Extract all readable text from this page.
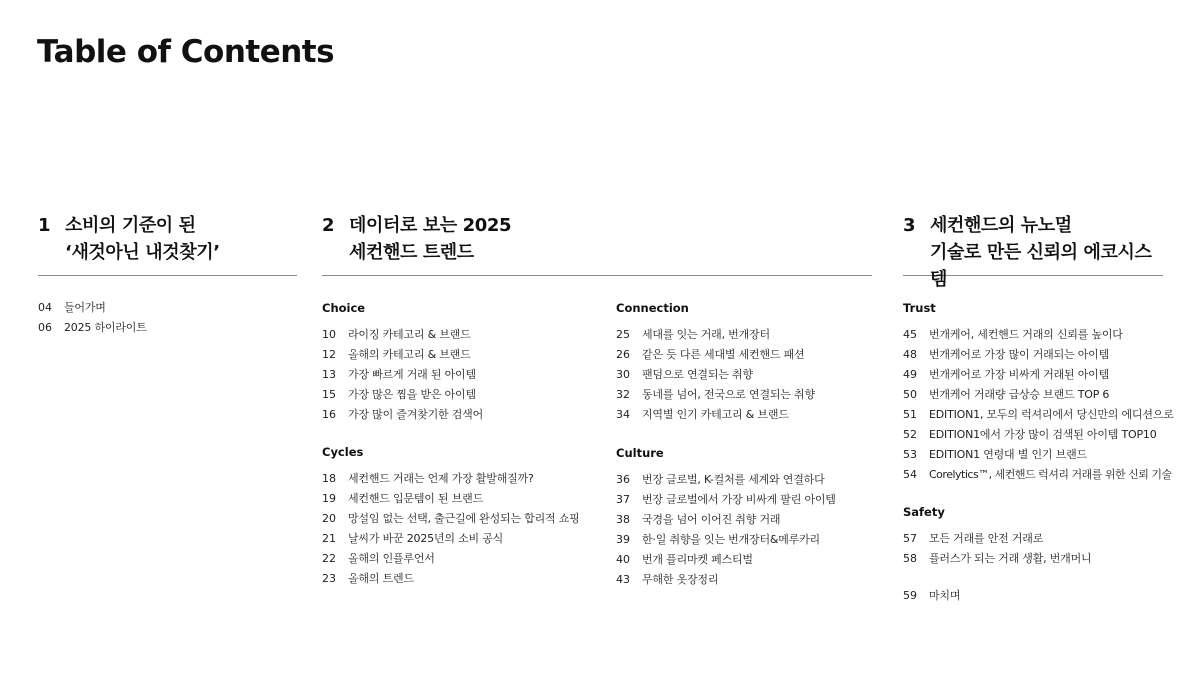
Table of Contents
1 소비의 기준이 된
‘새것아닌 내것찾기’
04	들어가며
06	2025 하이라이트
2 데이터로 보는 2025
세컨핸드 트렌드
Choice
10	라이징 카테고리 & 브랜드
12	올해의 카테고리 & 브랜드
13	가장 빠르게 거래 된 아이템
15	가장 많은 찜을 받은 아이템
16	가장 많이 즐겨찾기한 검색어
Cycles
18	세컨핸드 거래는 언제 가장 활발해질까?
19	세컨핸드 입문템이 된 브랜드
20	망설임 없는 선택, 출근길에 완성되는 합리적 쇼핑
21	날씨가 바꾼 2025년의 소비 공식
22	올해의 인플루언서
23	올해의 트렌드
Connection
25	세대를 잇는 거래, 번개장터
26	같은 듯 다른 세대별 세컨핸드 패션
30	팬덤으로 연결되는 취향
32	동네를 넘어, 전국으로 연결되는 취향
34	지역별 인기 카테고리 & 브랜드
Culture
36	번장 글로벌, K-컬처를 세계와 연결하다
37	번장 글로벌에서 가장 비싸게 팔린 아이템
38	국경을 넘어 이어진 취향 거래
39	한·일 취향을 잇는 번개장터&메루카리
40	번개 플리마켓 페스티벌
43	무해한 옷장정리
3 세컨핸드의 뉴노멀
기술로 만든 신뢰의 에코시스템
Trust
45	번개케어, 세컨핸드 거래의 신뢰를 높이다
48	번개케어로 가장 많이 거래되는 아이템
49	번개케어로 가장 비싸게 거래된 아이템
50	번개케어 거래량 급상승 브랜드 TOP 6
51	EDITION1, 모두의 럭셔리에서 당신만의 에디션으로
52	EDITION1에서 가장 많이 검색된 아이템 TOP10
53	EDITION1 연령대 별 인기 브랜드
54	Corelytics™, 세컨핸드 럭셔리 거래를 위한 신뢰 기술
Safety
57	모든 거래를 안전 거래로
58	플러스가 되는 거래 생활, 번개머니
59	마치며
